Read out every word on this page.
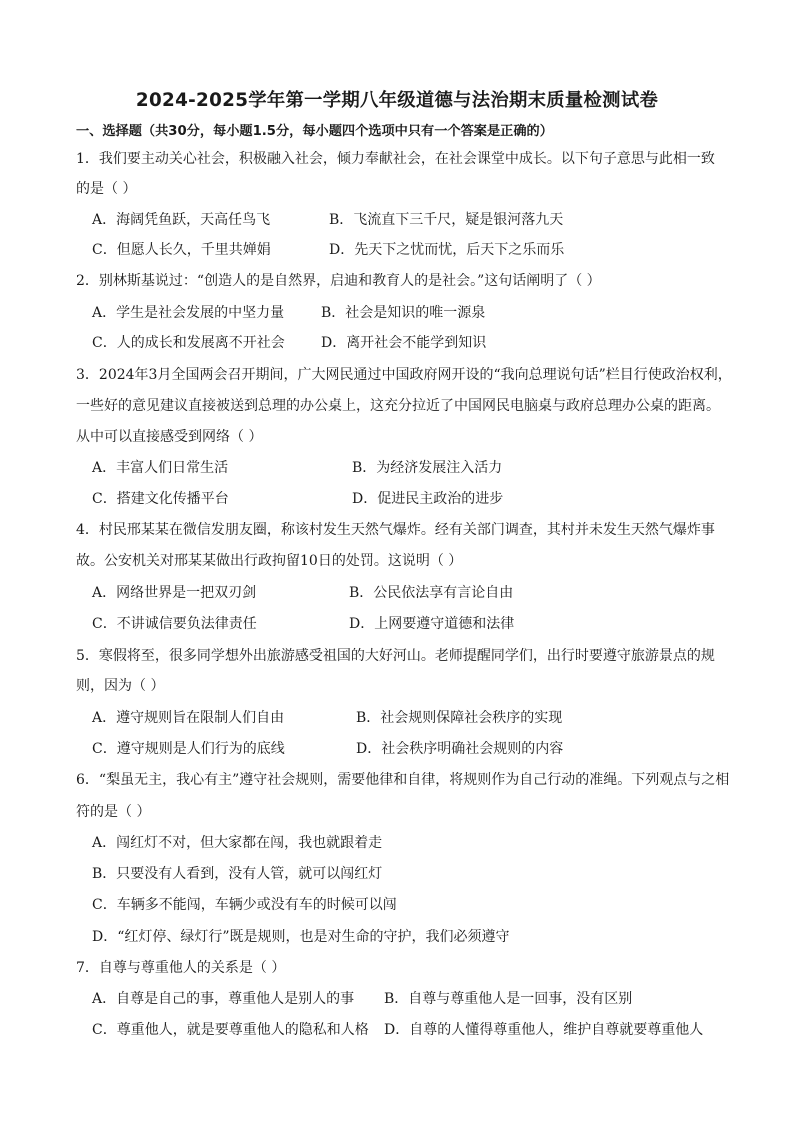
2024-2025学年第一学期八年级道德与法治期末质量检测试卷
一、选择题（共30分，每小题1.5分，每小题四个选项中只有一个答案是正确的）
1．我们要主动关心社会，积极融入社会，倾力奉献社会，在社会课堂中成长。以下句子意思与此相一致
的是（ ）
A．海阔凭鱼跃，天高任鸟飞	B．飞流直下三千尺，疑是银河落九天
C．但愿人长久，千里共婵娟	D．先天下之忧而忧，后天下之乐而乐
2．别林斯基说过：“创造人的是自然界，启迪和教育人的是社会。”这句话阐明了（ ）
A．学生是社会发展的中坚力量	B．社会是知识的唯一源泉
C．人的成长和发展离不开社会	D．离开社会不能学到知识
3．2024年3月全国两会召开期间，广大网民通过中国政府网开设的“我向总理说句话”栏目行使政治权利，
一些好的意见建议直接被送到总理的办公桌上，这充分拉近了中国网民电脑桌与政府总理办公桌的距离。
从中可以直接感受到网络（ ）
A．丰富人们日常生活	B．为经济发展注入活力
C．搭建文化传播平台	D．促进民主政治的进步
4．村民邢某某在微信发朋友圈，称该村发生天然气爆炸。经有关部门调查，其村并未发生天然气爆炸事
故。公安机关对邢某某做出行政拘留10日的处罚。这说明（ ）
A．网络世界是一把双刃剑	B．公民依法享有言论自由
C．不讲诚信要负法律责任	D．上网要遵守道德和法律
5．寒假将至，很多同学想外出旅游感受祖国的大好河山。老师提醒同学们，出行时要遵守旅游景点的规
则，因为（ ）
A．遵守规则旨在限制人们自由	B．社会规则保障社会秩序的实现
C．遵守规则是人们行为的底线	D．社会秩序明确社会规则的内容
6．“梨虽无主，我心有主”遵守社会规则，需要他律和自律，将规则作为自己行动的准绳。下列观点与之相
符的是（ ）
A．闯红灯不对，但大家都在闯，我也就跟着走
B．只要没有人看到，没有人管，就可以闯红灯
C．车辆多不能闯，车辆少或没有车的时候可以闯
D．“红灯停、绿灯行”既是规则，也是对生命的守护，我们必须遵守
7．自尊与尊重他人的关系是（ ）
A．自尊是自己的事，尊重他人是别人的事 B．自尊与尊重他人是一回事，没有区别
C．尊重他人，就是要尊重他人的隐私和人格 D．自尊的人懂得尊重他人，维护自尊就要尊重他人
